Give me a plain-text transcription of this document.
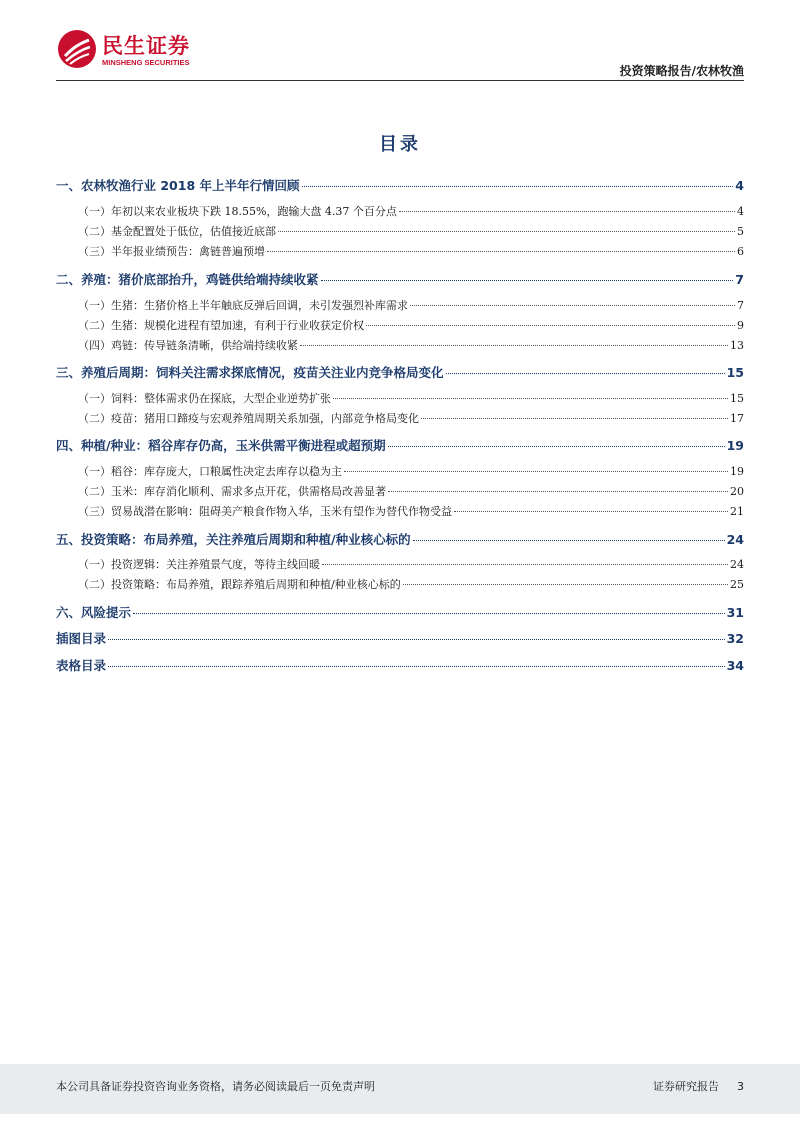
民生证券
MINSHENG SECURITIES
投资策略报告/农林牧渔
目录
一、农林牧渔行业 2018 年上半年行情回顾	4
（一）年初以来农业板块下跌 18.55%，跑输大盘 4.37 个百分点	4
（二）基金配置处于低位，估值接近底部	5
（三）半年报业绩预告：禽链普遍预增	6
二、养殖：猪价底部抬升，鸡链供给端持续收紧	7
（一）生猪：生猪价格上半年触底反弹后回调，未引发强烈补库需求	7
（二）生猪：规模化进程有望加速，有利于行业收获定价权	9
（四）鸡链：传导链条清晰，供给端持续收紧	13
三、养殖后周期：饲料关注需求探底情况，疫苗关注业内竞争格局变化	15
（一）饲料：整体需求仍在探底，大型企业逆势扩张	15
（二）疫苗：猪用口蹄疫与宏观养殖周期关系加强，内部竞争格局变化	17
四、种植/种业：稻谷库存仍高，玉米供需平衡进程或超预期	19
（一）稻谷：库存庞大，口粮属性决定去库存以稳为主	19
（二）玉米：库存消化顺利、需求多点开花，供需格局改善显著	20
（三）贸易战潜在影响：阻碍美产粮食作物入华，玉米有望作为替代作物受益	21
五、投资策略：布局养殖，关注养殖后周期和种植/种业核心标的	24
（一）投资逻辑：关注养殖景气度，等待主线回暖	24
（二）投资策略：布局养殖，跟踪养殖后周期和种植/种业核心标的	25
六、风险提示	31
插图目录	32
表格目录	34
本公司具备证券投资咨询业务资格，请务必阅读最后一页免责声明	证券研究报告 3
